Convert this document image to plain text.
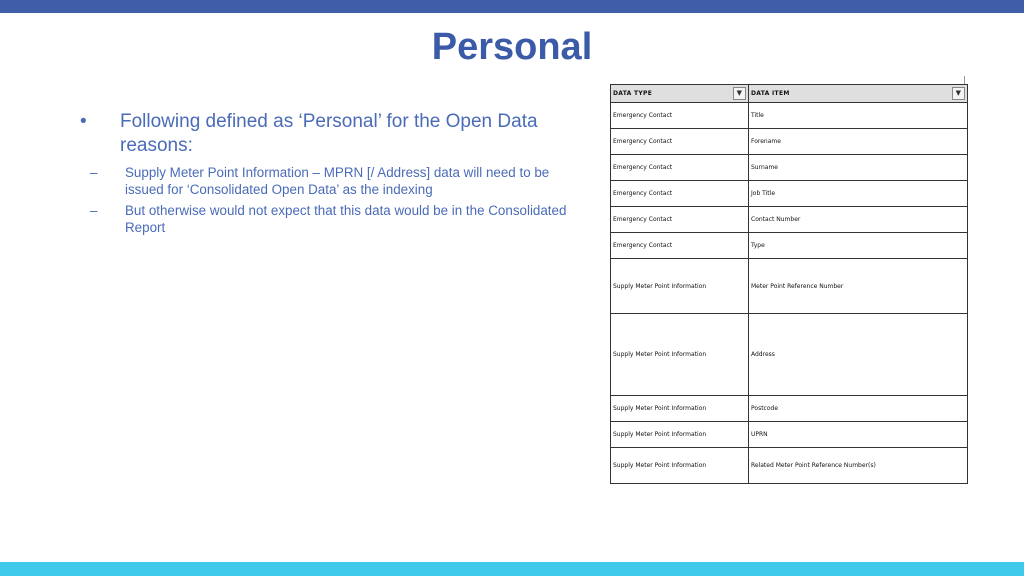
Personal
• Following defined as ‘Personal’ for the Open Data reasons:
– Supply Meter Point Information – MPRN [/ Address] data will need to be issued for ‘Consolidated Open Data’ as the indexing
– But otherwise would not expect that this data would be in the Consolidated Report
DATA TYPE ▼	DATA ITEM ▼

Emergency Contact	Title
Emergency Contact	Forename
Emergency Contact	Surname
Emergency Contact	Job Title
Emergency Contact	Contact Number
Emergency Contact	Type
Supply Meter Point Information	Meter Point Reference Number
Supply Meter Point Information	Address
Supply Meter Point Information	Postcode
Supply Meter Point Information	UPRN
Supply Meter Point Information	Related Meter Point Reference Number(s)
